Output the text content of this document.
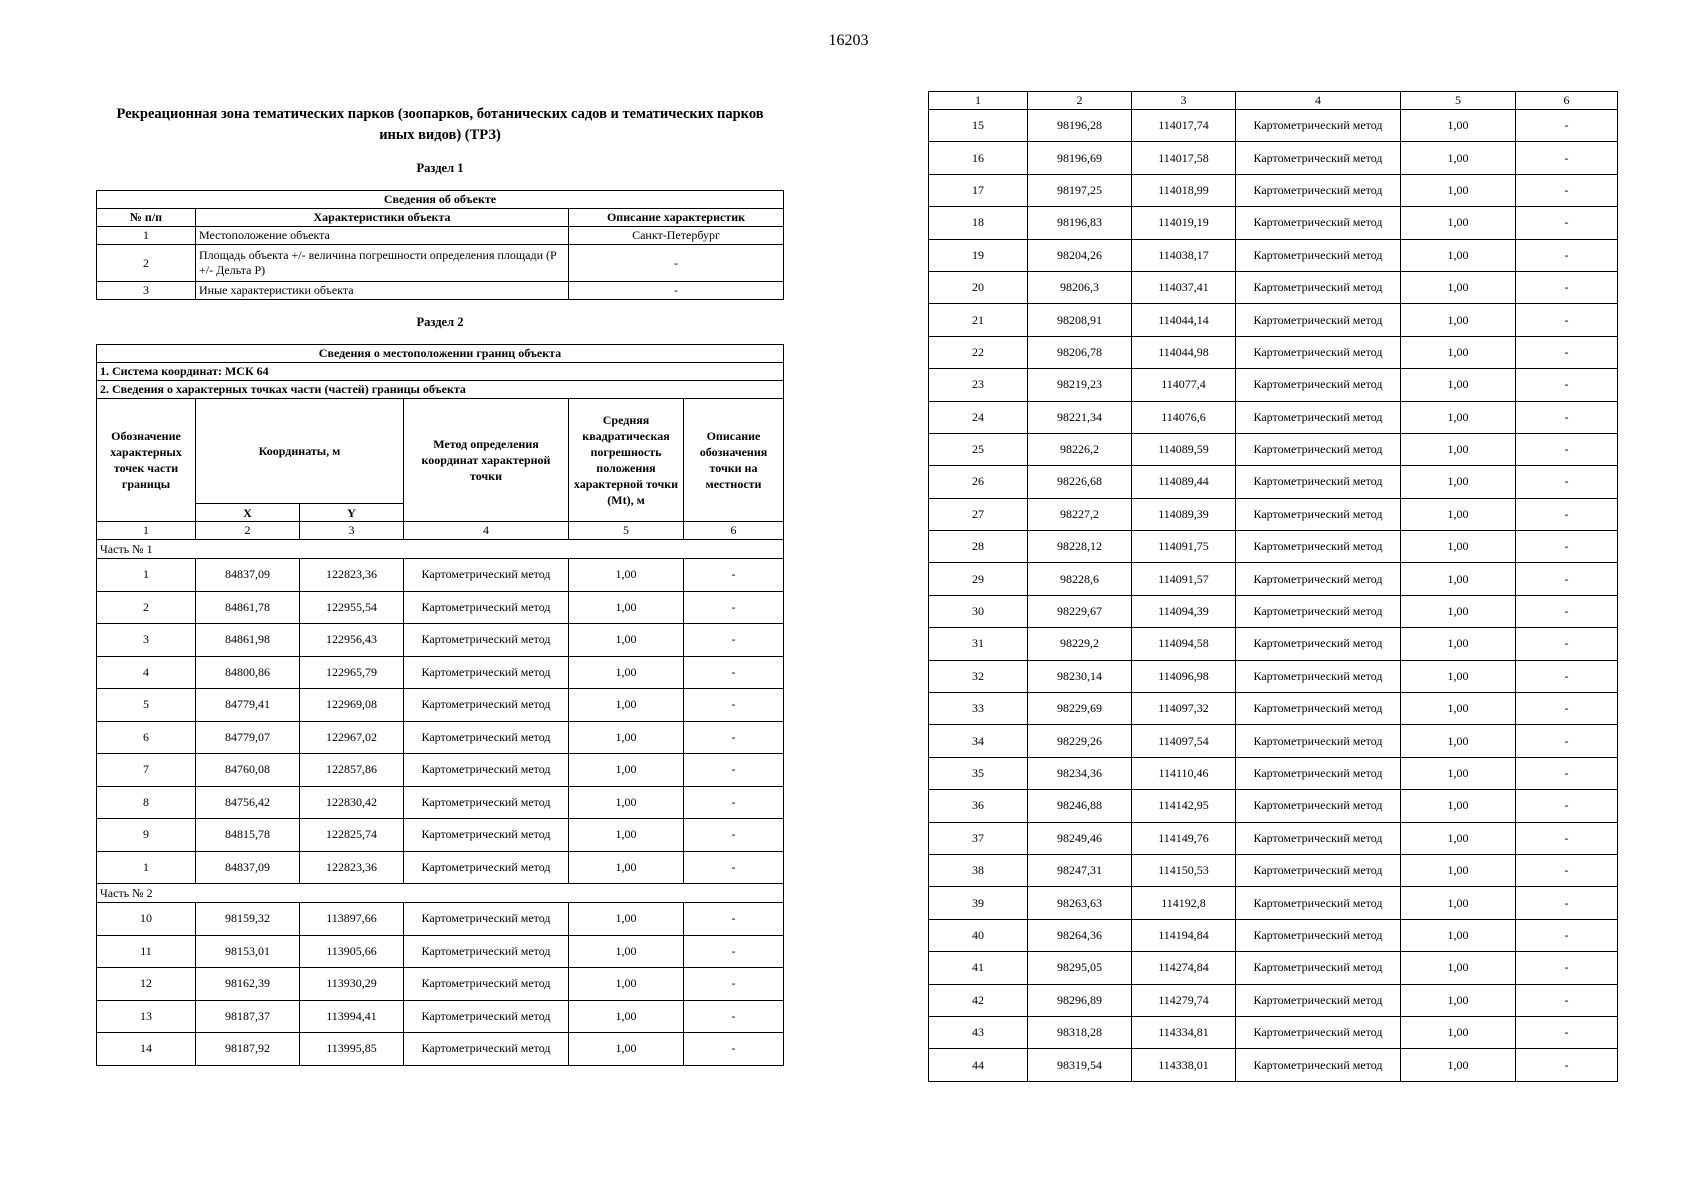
16203

Рекреационная зона тематических парков (зоопарков, ботанических садов и тематических парков иных видов) (ТРЗ)

Раздел 1

Сведения об объекте		
№ п/п	Характеристики объекта	Описание характеристик
1	Местоположение объекта	Санкт-Петербург
2	Площадь объекта +/- величина погрешности определения площади (Р +/- Дельта Р)	-
3	Иные характеристики объекта	-

Раздел 2

Сведения о местоположении границ объекта					
1. Система координат: МСК 64					
2. Сведения о характерных точках части (частей) границы объекта					
Обозначение характерных точек части границы	Координаты, м		Метод определения координат характерной точки	Средняя квадратическая погрешность положения характерной точки (Mt), м	Описание обозначения точки на местности
	X	Y			
1	2	3	4	5	6
Часть № 1					
1	84837,09	122823,36	Картометрический метод	1,00	-
2	84861,78	122955,54	Картометрический метод	1,00	-
3	84861,98	122956,43	Картометрический метод	1,00	-
4	84800,86	122965,79	Картометрический метод	1,00	-
5	84779,41	122969,08	Картометрический метод	1,00	-
6	84779,07	122967,02	Картометрический метод	1,00	-
7	84760,08	122857,86	Картометрический метод	1,00	-
8	84756,42	122830,42	Картометрический метод	1,00	-
9	84815,78	122825,74	Картометрический метод	1,00	-
1	84837,09	122823,36	Картометрический метод	1,00	-
Часть № 2					
10	98159,32	113897,66	Картометрический метод	1,00	-
11	98153,01	113905,66	Картометрический метод	1,00	-
12	98162,39	113930,29	Картометрический метод	1,00	-
13	98187,37	113994,41	Картометрический метод	1,00	-
14	98187,92	113995,85	Картометрический метод	1,00	-
1	2	3	4	5	6
15	98196,28	114017,74	Картометрический метод	1,00	-
16	98196,69	114017,58	Картометрический метод	1,00	-
17	98197,25	114018,99	Картометрический метод	1,00	-
18	98196,83	114019,19	Картометрический метод	1,00	-
19	98204,26	114038,17	Картометрический метод	1,00	-
20	98206,3	114037,41	Картометрический метод	1,00	-
21	98208,91	114044,14	Картометрический метод	1,00	-
22	98206,78	114044,98	Картометрический метод	1,00	-
23	98219,23	114077,4	Картометрический метод	1,00	-
24	98221,34	114076,6	Картометрический метод	1,00	-
25	98226,2	114089,59	Картометрический метод	1,00	-
26	98226,68	114089,44	Картометрический метод	1,00	-
27	98227,2	114089,39	Картометрический метод	1,00	-
28	98228,12	114091,75	Картометрический метод	1,00	-
29	98228,6	114091,57	Картометрический метод	1,00	-
30	98229,67	114094,39	Картометрический метод	1,00	-
31	98229,2	114094,58	Картометрический метод	1,00	-
32	98230,14	114096,98	Картометрический метод	1,00	-
33	98229,69	114097,32	Картометрический метод	1,00	-
34	98229,26	114097,54	Картометрический метод	1,00	-
35	98234,36	114110,46	Картометрический метод	1,00	-
36	98246,88	114142,95	Картометрический метод	1,00	-
37	98249,46	114149,76	Картометрический метод	1,00	-
38	98247,31	114150,53	Картометрический метод	1,00	-
39	98263,63	114192,8	Картометрический метод	1,00	-
40	98264,36	114194,84	Картометрический метод	1,00	-
41	98295,05	114274,84	Картометрический метод	1,00	-
42	98296,89	114279,74	Картометрический метод	1,00	-
43	98318,28	114334,81	Картометрический метод	1,00	-
44	98319,54	114338,01	Картометрический метод	1,00	-
